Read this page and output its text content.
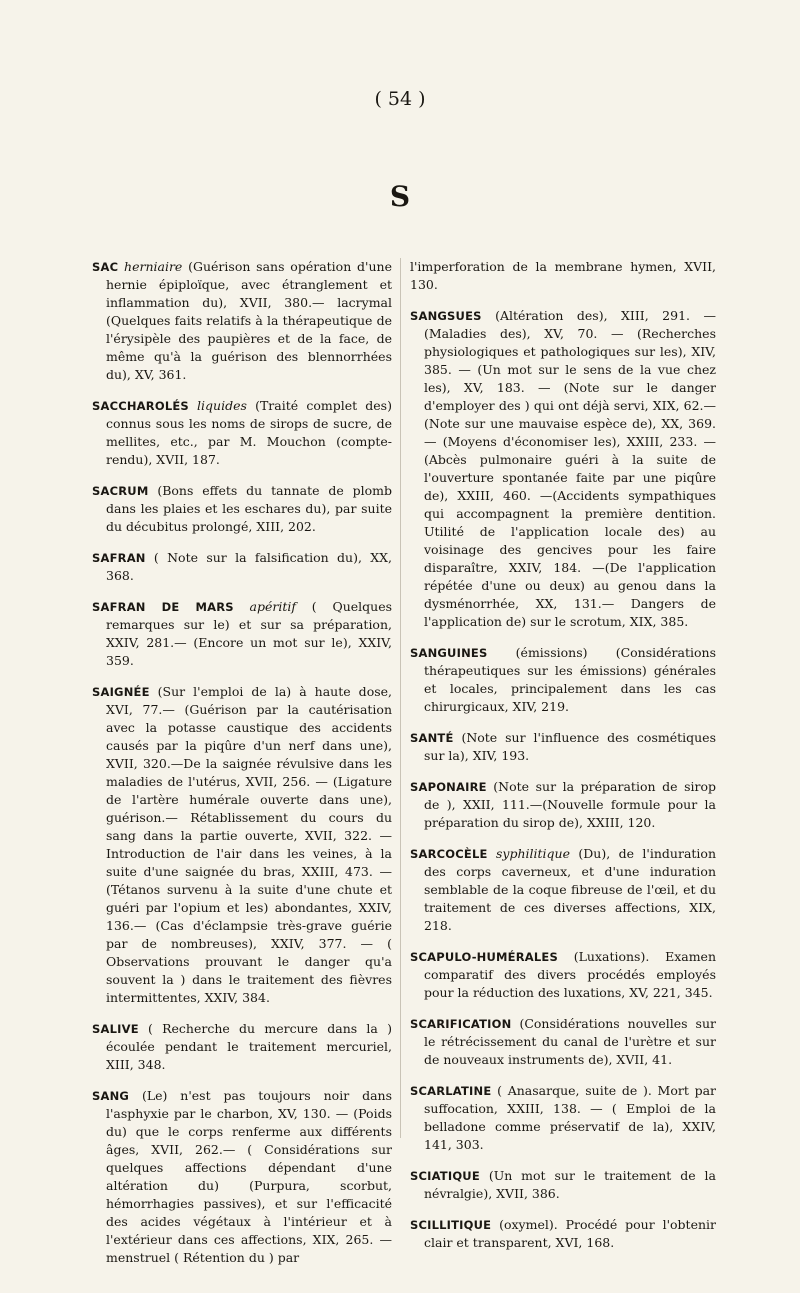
( 54 )
S

SAC herniaire (Guérison sans opération d'une hernie épiploïque, avec étranglement et inflammation du), XVII, 380.— lacrymal (Quelques faits relatifs à la thérapeutique de l'érysipèle des paupières et de la face, de même qu'à la guérison des blennorrhées du), XV, 361.

SACCHAROLÉS liquides (Traité complet des) connus sous les noms de sirops de sucre, de mellites, etc., par M. Mouchon (compte-rendu), XVII, 187.

SACRUM (Bons effets du tannate de plomb dans les plaies et les eschares du), par suite du décubitus prolongé, XIII, 202.

SAFRAN ( Note sur la falsification du), XX, 368.

SAFRAN DE MARS apéritif ( Quelques remarques sur le) et sur sa préparation, XXIV, 281.— (Encore un mot sur le), XXIV, 359.

SAIGNÉE (Sur l'emploi de la) à haute dose, XVI, 77.— (Guérison par la cautérisation avec la potasse caustique des accidents causés par la piqûre d'un nerf dans une), XVII, 320.—De la saignée révulsive dans les maladies de l'utérus, XVII, 256. — (Ligature de l'artère humérale ouverte dans une), guérison.— Rétablissement du cours du sang dans la partie ouverte, XVII, 322. — Introduction de l'air dans les veines, à la suite d'une saignée du bras, XXIII, 473. — (Tétanos survenu à la suite d'une chute et guéri par l'opium et les) abondantes, XXIV, 136.— (Cas d'éclampsie très-grave guérie par de nombreuses), XXIV, 377. — ( Observations prouvant le danger qu'a souvent la ) dans le traitement des fièvres intermittentes, XXIV, 384.

SALIVE ( Recherche du mercure dans la ) écoulée pendant le traitement mercuriel, XIII, 348.

SANG (Le) n'est pas toujours noir dans l'asphyxie par le charbon, XV, 130. — (Poids du) que le corps renferme aux différents âges, XVII, 262.— ( Considérations sur quelques affections dépendant d'une altération du) (Purpura, scorbut, hémorrhagies passives), et sur l'efficacité des acides végétaux à l'intérieur et à l'extérieur dans ces affections, XIX, 265. — menstruel ( Rétention du ) par

l'imperforation de la membrane hymen, XVII, 130.

SANGSUES (Altération des), XIII, 291. — (Maladies des), XV, 70. — (Recherches physiologiques et pathologiques sur les), XIV, 385. — (Un mot sur le sens de la vue chez les), XV, 183. — (Note sur le danger d'employer des ) qui ont déjà servi, XIX, 62.— (Note sur une mauvaise espèce de), XX, 369. — (Moyens d'économiser les), XXIII, 233. — (Abcès pulmonaire guéri à la suite de l'ouverture spontanée faite par une piqûre de), XXIII, 460. —(Accidents sympathiques qui accompagnent la première dentition. Utilité de l'application locale des) au voisinage des gencives pour les faire disparaître, XXIV, 184. —(De l'application répétée d'une ou deux) au genou dans la dysménorrhée, XX, 131.— Dangers de l'application de) sur le scrotum, XIX, 385.

SANGUINES (émissions) (Considérations thérapeutiques sur les émissions) générales et locales, principalement dans les cas chirurgicaux, XIV, 219.

SANTÉ (Note sur l'influence des cosmétiques sur la), XIV, 193.

SAPONAIRE (Note sur la préparation de sirop de ), XXII, 111.—(Nouvelle formule pour la préparation du sirop de), XXIII, 120.

SARCOCÈLE syphilitique (Du), de l'induration des corps caverneux, et d'une induration semblable de la coque fibreuse de l'œil, et du traitement de ces diverses affections, XIX, 218.

SCAPULO-HUMÉRALES (Luxations). Examen comparatif des divers procédés employés pour la réduction des luxations, XV, 221, 345.

SCARIFICATION (Considérations nouvelles sur le rétrécissement du canal de l'urètre et sur de nouveaux instruments de), XVII, 41.

SCARLATINE ( Anasarque, suite de ). Mort par suffocation, XXIII, 138. — ( Emploi de la belladone comme préservatif de la), XXIV, 141, 303.

SCIATIQUE (Un mot sur le traitement de la névralgie), XVII, 386.

SCILLITIQUE (oxymel). Procédé pour l'obtenir clair et transparent, XVI, 168.
